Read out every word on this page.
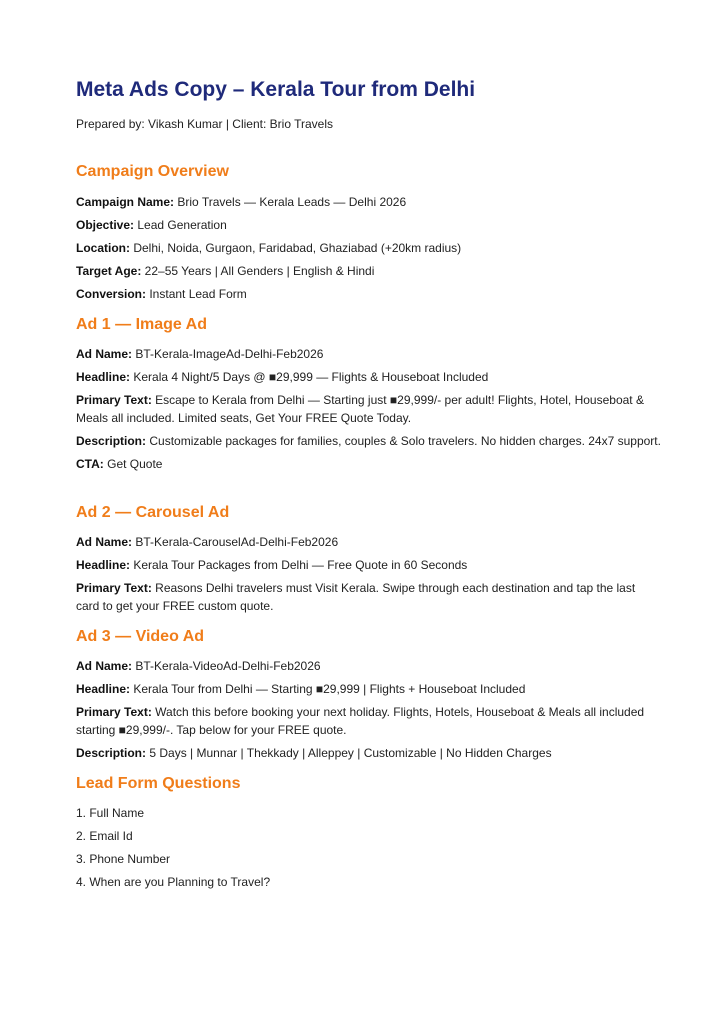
Meta Ads Copy – Kerala Tour from Delhi
Prepared by: Vikash Kumar | Client: Brio Travels
Campaign Overview

Campaign Name: Brio Travels — Kerala Leads — Delhi 2026

Objective: Lead Generation

Location: Delhi, Noida, Gurgaon, Faridabad, Ghaziabad (+20km radius)

Target Age: 22–55 Years | All Genders | English & Hindi

Conversion: Instant Lead Form

Ad 1 — Image Ad

Ad Name: BT-Kerala-ImageAd-Delhi-Feb2026

Headline: Kerala 4 Night/5 Days @ ■29,999 — Flights & Houseboat Included

Primary Text: Escape to Kerala from Delhi — Starting just ■29,999/- per adult! Flights, Hotel, Houseboat & Meals all included. Limited seats, Get Your FREE Quote Today.

Description: Customizable packages for families, couples & Solo travelers. No hidden charges. 24x7 support.

CTA: Get Quote

Ad 2 — Carousel Ad

Ad Name: BT-Kerala-CarouselAd-Delhi-Feb2026

Headline: Kerala Tour Packages from Delhi — Free Quote in 60 Seconds

Primary Text: Reasons Delhi travelers must Visit Kerala. Swipe through each destination and tap the last card to get your FREE custom quote.

Ad 3 — Video Ad

Ad Name: BT-Kerala-VideoAd-Delhi-Feb2026

Headline: Kerala Tour from Delhi — Starting ■29,999 | Flights + Houseboat Included

Primary Text: Watch this before booking your next holiday. Flights, Hotels, Houseboat & Meals all included starting ■29,999/-. Tap below for your FREE quote.

Description: 5 Days | Munnar | Thekkady | Alleppey | Customizable | No Hidden Charges

Lead Form Questions
1. Full Name
2. Email Id
3. Phone Number
4. When are you Planning to Travel?
